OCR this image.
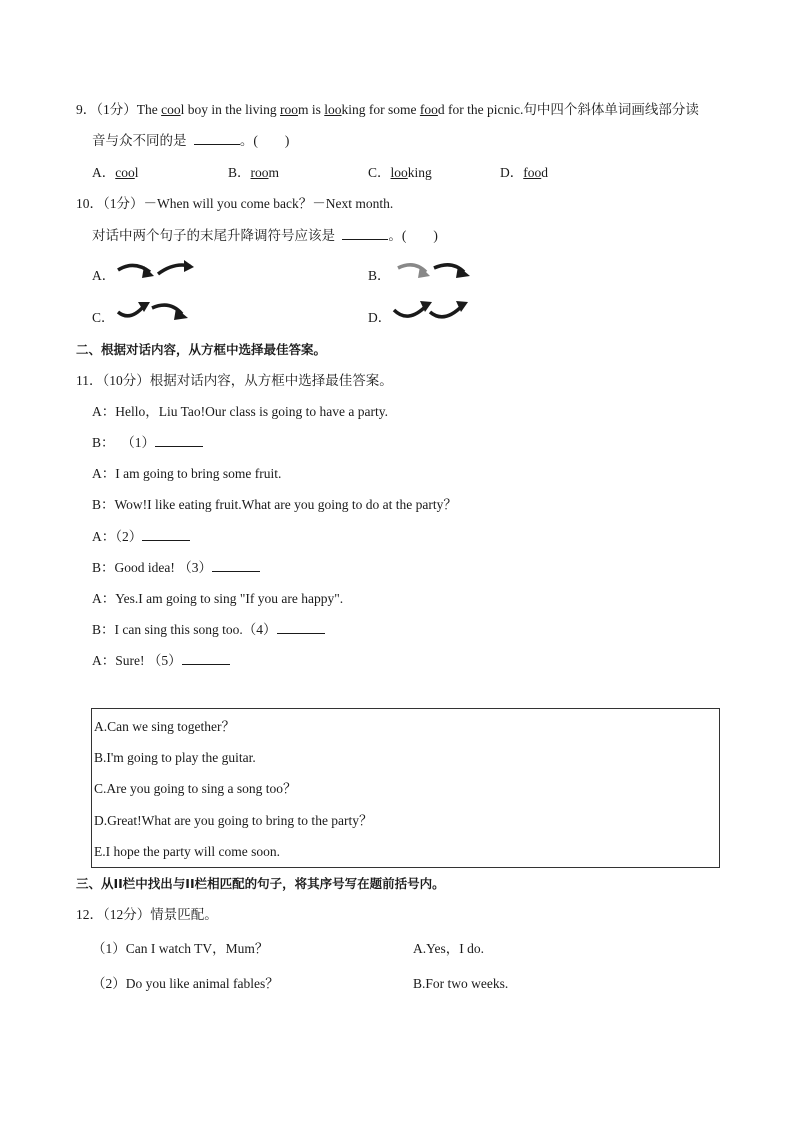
9．（1分）The cool boy in the living room is looking for some food for the picnic.句中四个斜体单词画线部分读
音与众不同的是	。(　　)
A．cool	B．room	C．looking	D．food
10．（1分）－When will you come back？－Next month.
对话中两个句子的末尾升降调符号应该是	。(　　)
A．	B．
C．	D．
二、根据对话内容，从方框中选择最佳答案。
11．（10分）根据对话内容，从方框中选择最佳答案。
A：Hello，Liu Tao!Our class is going to have a party.
B： （1）
A：I am going to bring some fruit.
B：Wow!I like eating fruit.What are you going to do at the party？
A：（2）
B：Good idea! （3）
A：Yes.I am going to sing "If you are happy".
B：I can sing this song too.（4）
A：Sure! （5）
A.Can we sing together？
B.I'm going to play the guitar.
C.Are you going to sing a song too？
D.Great!What are you going to bring to the party？
E.I hope the party will come soon.
三、从II栏中找出与II栏相匹配的句子，将其序号写在题前括号内。
12．（12分）情景匹配。
（1）Can I watch TV，Mum？	A.Yes，I do.
（2）Do you like animal fables？	B.For two weeks.
